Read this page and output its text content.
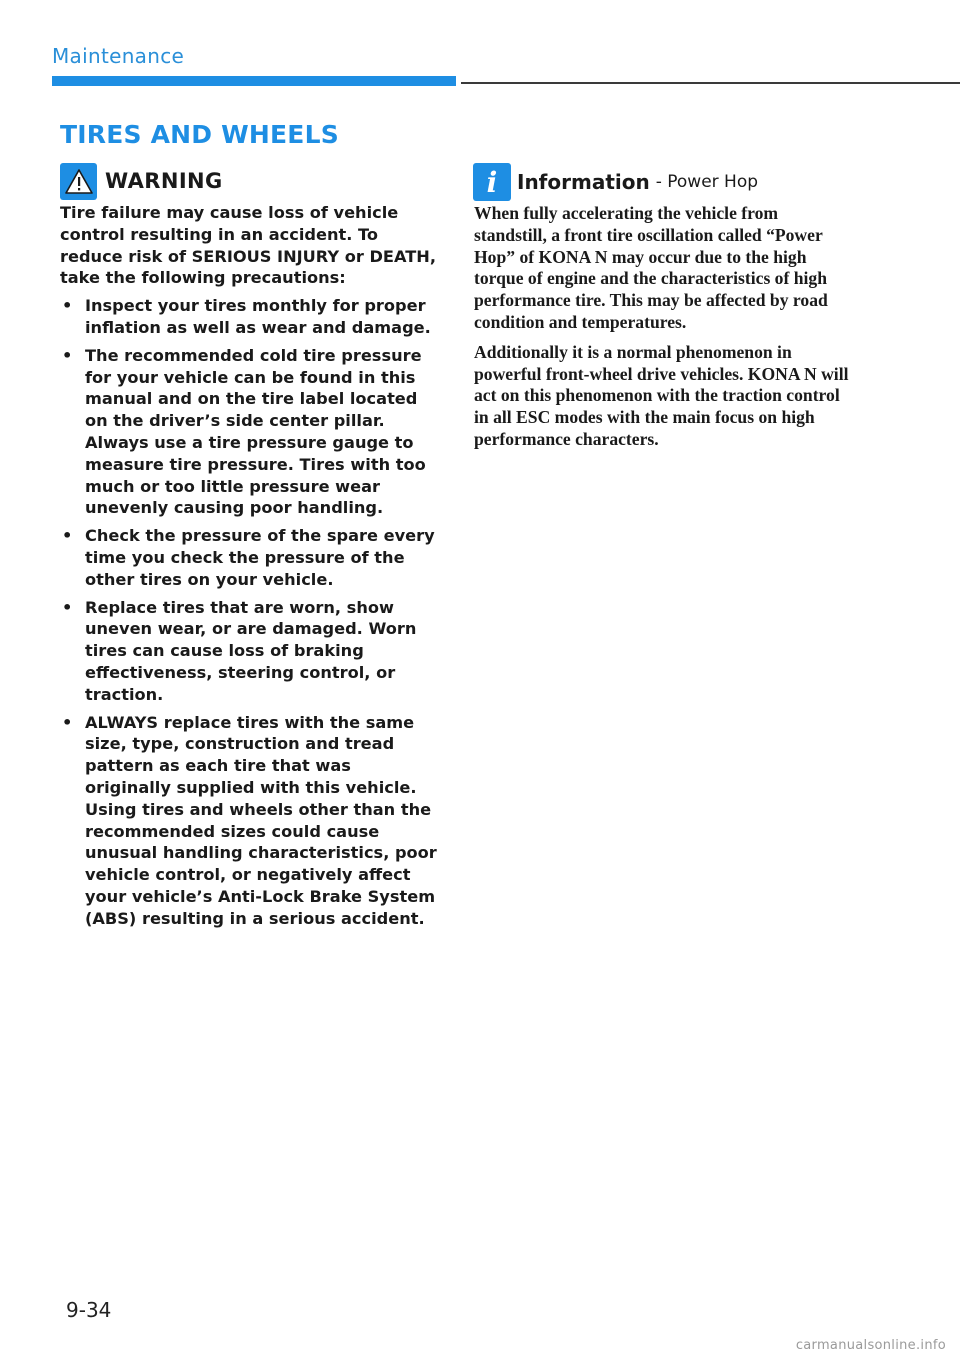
Maintenance
TIRES AND WHEELS
WARNING

Tire failure may cause loss of vehicle control resulting in an accident. To reduce risk of SERIOUS INJURY or DEATH, take the following precautions:

• Inspect your tires monthly for proper inflation as well as wear and damage.
• The recommended cold tire pressure for your vehicle can be found in this manual and on the tire label located on the driver’s side center pillar. Always use a tire pressure gauge to measure tire pressure. Tires with too much or too little pressure wear unevenly causing poor handling.
• Check the pressure of the spare every time you check the pressure of the other tires on your vehicle.
• Replace tires that are worn, show uneven wear, or are damaged. Worn tires can cause loss of braking effectiveness, steering control, or traction.
• ALWAYS replace tires with the same size, type, construction and tread pattern as each tire that was originally supplied with this vehicle. Using tires and wheels other than the recommended sizes could cause unusual handling characteristics, poor vehicle control, or negatively affect your vehicle’s Anti-Lock Brake System (ABS) resulting in a serious accident.
i Information - Power Hop

When fully accelerating the vehicle from standstill, a front tire oscillation called “Power Hop” of KONA N may occur due to the high torque of engine and the characteristics of high performance tire. This may be affected by road condition and temperatures.

Additionally it is a normal phenomenon in powerful front-wheel drive vehicles. KONA N will act on this phenomenon with the traction control in all ESC modes with the main focus on high performance characters.

9-34
carmanualsonline.info
